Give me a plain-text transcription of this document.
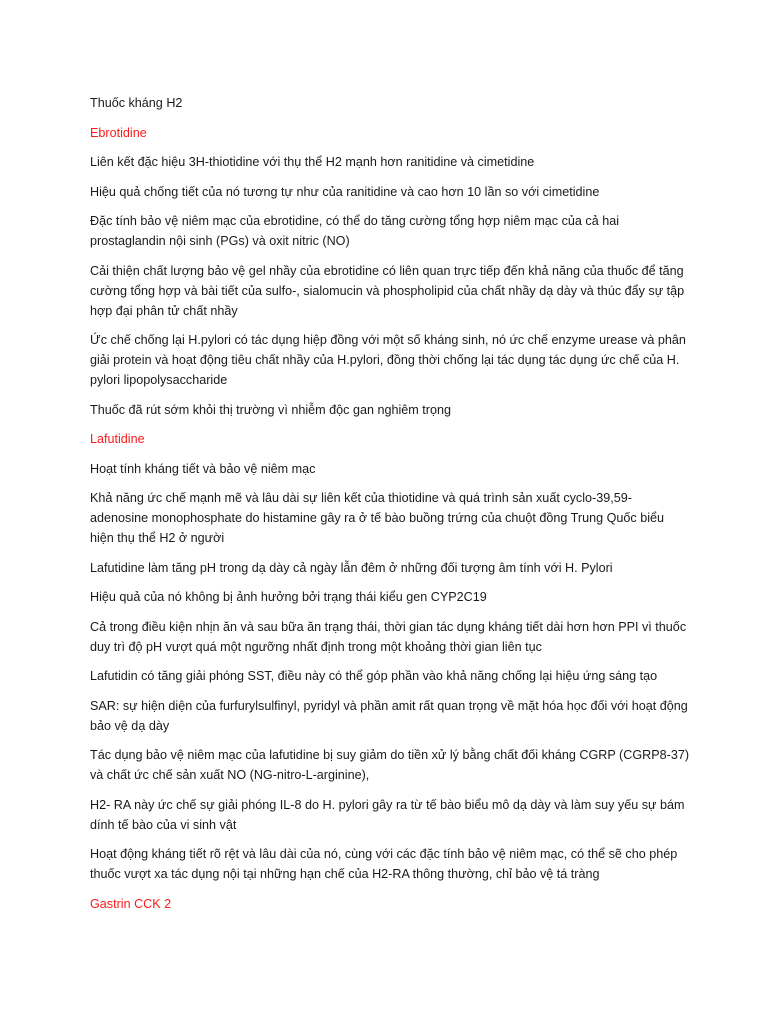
Thuốc kháng H2

Ebrotidine

Liên kết đặc hiệu 3H-thiotidine với thụ thể H2 mạnh hơn ranitidine và cimetidine

Hiệu quả chống tiết của nó tương tự như của ranitidine và cao hơn 10 lần so với cimetidine

Đặc tính bảo vệ niêm mạc của ebrotidine, có thể do tăng cường tổng hợp niêm mạc của cả hai prostaglandin nội sinh (PGs) và oxit nitric (NO)

Cải thiện chất lượng bảo vệ gel nhầy của ebrotidine có liên quan trực tiếp đến khả năng của thuốc để tăng cường tổng hợp và bài tiết của sulfo-, sialomucin và phospholipid của chất nhầy dạ dày và thúc đẩy sự tập hợp đại phân tử chất nhầy

Ức chế chống lại H.pylori có tác dụng hiệp đồng với một số kháng sinh, nó ức chế enzyme urease và phân giải protein và hoạt động tiêu chất nhầy của H.pylori, đồng thời chống lại tác dụng tác dụng ức chế của H. pylori lipopolysaccharide

Thuốc đã rút sớm khỏi thị trường vì nhiễm độc gan nghiêm trọng

Lafutidine

Hoạt tính kháng tiết và bảo vệ niêm mạc

Khả năng ức chế mạnh mẽ và lâu dài sự liên kết của thiotidine và quá trình sản xuất cyclo-39,59-adenosine monophosphate do histamine gây ra ở tế bào buồng trứng của chuột đồng Trung Quốc biểu hiện thụ thể H2 ở người

Lafutidine làm tăng pH trong dạ dày cả ngày lẫn đêm ở những đối tượng âm tính với H. Pylori

Hiệu quả của nó không bị ảnh hưởng bởi trạng thái kiểu gen CYP2C19

Cả trong điều kiện nhịn ăn và sau bữa ăn trạng thái, thời gian tác dụng kháng tiết dài hơn hơn PPI vì thuốc duy trì độ pH vượt quá một ngưỡng nhất định trong một khoảng thời gian liên tục

Lafutidin có tăng giải phóng SST, điều này có thể góp phần vào khả năng chống lại hiệu ứng sáng tạo

SAR: sự hiện diện của furfurylsulfinyl, pyridyl và phần amit rất quan trọng về mặt hóa học đối với hoạt động bảo vệ dạ dày

Tác dụng bảo vệ niêm mạc của lafutidine bị suy giảm do tiền xử lý bằng chất đối kháng CGRP (CGRP8-37) và chất ức chế sản xuất NO (NG-nitro-L-arginine),

H2- RA này ức chế sự giải phóng IL-8 do H. pylori gây ra từ tế bào biểu mô dạ dày và làm suy yếu sự bám dính tế bào của vi sinh vật

Hoạt động kháng tiết rõ rệt và lâu dài của nó, cùng với các đặc tính bảo vệ niêm mạc, có thể sẽ cho phép thuốc vượt xa tác dụng nội tại những hạn chế của H2-RA thông thường, chỉ bảo vệ tá tràng

Gastrin CCK 2
